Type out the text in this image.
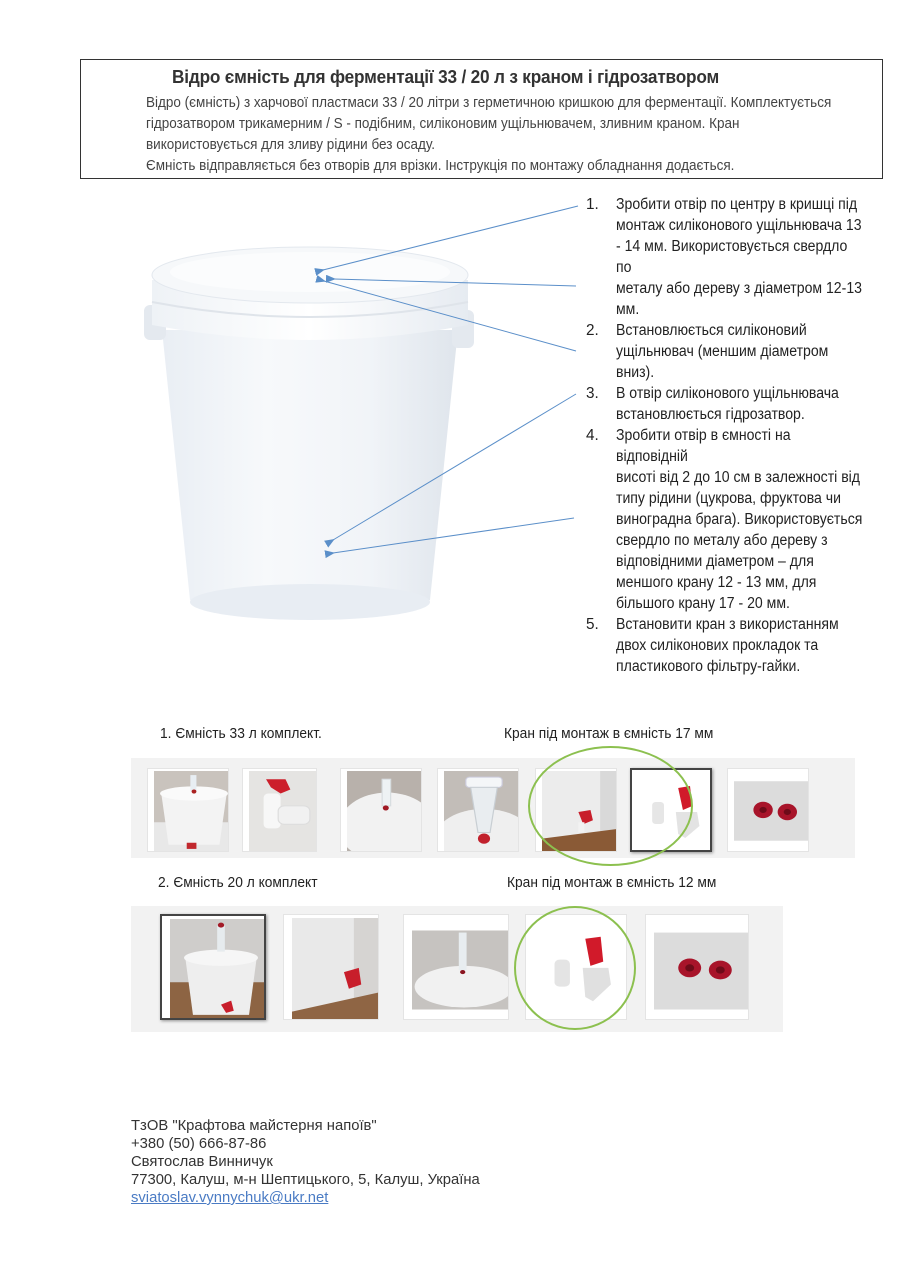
Відро ємність для ферментації 33 / 20 л з краном і гідрозатвором
Відро (ємність) з харчової пластмаси 33 / 20 літри з герметичною кришкою для ферментації. Комплектується
гідрозатвором трикамерним / S - подібним, силіконовим ущільнювачем, зливним краном. Кран
використовується для зливу рідини без осаду.
Ємність відправляється без отворів для врізки. Інструкція по монтажу обладнання додається.
1.	Зробити отвір по центру в кришці під
монтаж силіконового ущільнювача 13
- 14 мм. Використовується свердло по
металу або дереву з діаметром 12-13
мм.
2.	Встановлюється силіконовий
ущільнювач (меншим діаметром
вниз).
3.	В отвір силіконового ущільнювача
встановлюється гідрозатвор.
4.	Зробити отвір в ємності на відповідній
висоті від 2 до 10 см в залежності від
типу рідини (цукрова, фруктова чи
виноградна брага). Використовується
свердло по металу або дереву з
відповідними діаметром – для
меншого крану 12 - 13 мм, для
більшого крану 17 - 20 мм.
5.	Встановити кран з використанням
двох силіконових прокладок та
пластикового фільтру-гайки.
1. Ємність 33 л комплект.	Кран під монтаж в ємність 17 мм
2. Ємність 20 л комплект	Кран під монтаж в ємність 12 мм
ТзОВ "Крафтова майстерня напоїв"
+380 (50) 666-87-86
Святослав Винничук
77300, Калуш, м-н Шептицького, 5, Калуш, Україна
sviatoslav.vynnychuk@ukr.net
